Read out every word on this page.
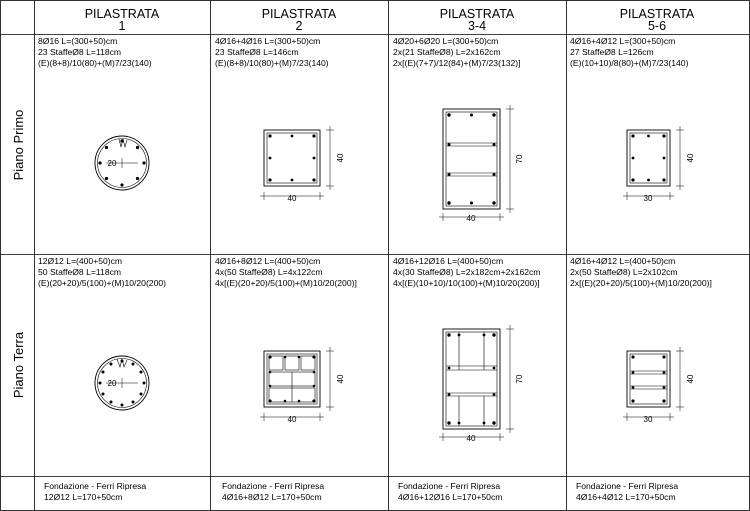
PILASTRATA
1
PILASTRATA
2
PILASTRATA
3-4
PILASTRATA
5-6
Piano Primo
Piano Terra
8Ø16 L=(300+50)cm
23 StaffeØ8 L=118cm
(E)(8+8)/10(80)+(M)7/23(140)
4Ø16+4Ø16 L=(300+50)cm
23 StaffeØ8 L=146cm
(E)(8+8)/10(80)+(M)7/23(140)
4Ø20+6Ø20 L=(300+50)cm
2x(21 StaffeØ8) L=2x162cm
2x[(E)(7+7)/12(84)+(M)7/23(132)]
4Ø16+4Ø12 L=(300+50)cm
27 StaffeØ8 L=126cm
(E)(10+10)/8(80)+(M)7/23(140)
12Ø12 L=(400+50)cm
50 StaffeØ8 L=118cm
(E)(20+20)/5(100)+(M)10/20(200)
4Ø16+8Ø12 L=(400+50)cm
4x(50 StaffeØ8) L=4x122cm
4x[(E)(20+20)/5(100)+(M)10/20(200)]
4Ø16+12Ø16 L=(400+50)cm
4x(30 StaffeØ8) L=2x182cm+2x162cm
4x[(E)(10+10)/10(100)+(M)10/20(200)]
4Ø16+4Ø12 L=(400+50)cm
2x(50 StaffeØ8) L=2x102cm
2x[(E)(20+20)/5(100)+(M)10/20(200)]
20
40
40
40
70
30
40
20
40
40
40
70
30
40
Fondazione - Ferri Ripresa
12Ø12 L=170+50cm
Fondazione - Ferri Ripresa
4Ø16+8Ø12 L=170+50cm
Fondazione - Ferri Ripresa
4Ø16+12Ø16 L=170+50cm
Fondazione - Ferri Ripresa
4Ø16+4Ø12 L=170+50cm
